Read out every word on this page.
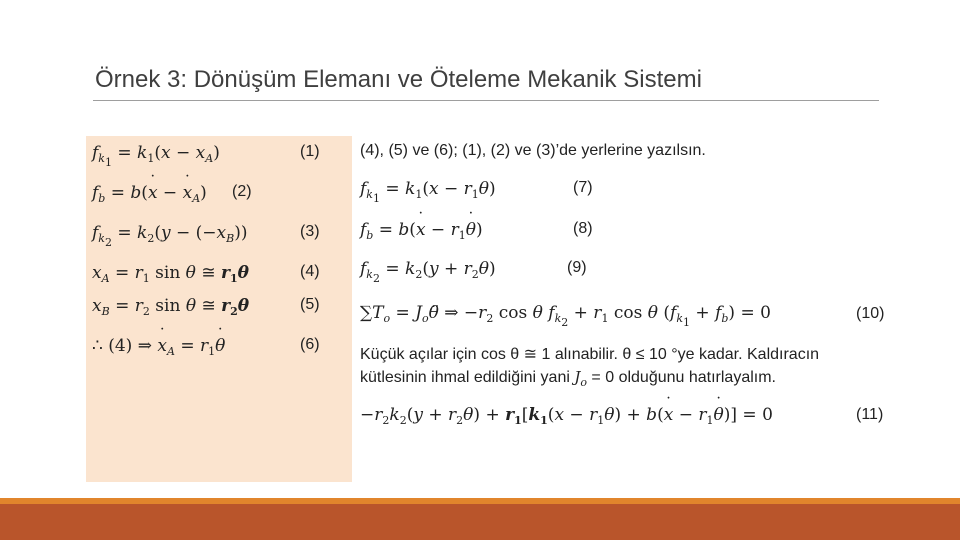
Örnek 3: Dönüşüm Elemanı ve Öteleme Mekanik Sistemi
$f_{k_1} = k_1(x - x_A)$	(1)
$f_b = b(x$ ˙ − x $˙_A$) (2)
$f_{k_2} = k_2(y - (-x_B))$	(3)
$x_A = r_1$ sin θ ≅ $r_1\theta$	(4)
$x_B = r_2$ sin θ ≅ $r_2\theta$	(5)
∴ (4) ⇒ x $˙_A = r_1\theta$ ˙	(6)
(4), (5) ve (6); (1), (2) ve (3)’de yerlerine yazılsın.
$f_{k_1} = k_1(x - r_1\theta)$	(7)
$f_b = b(x$ ˙ − $r_1\theta$ ˙)	(8)
$f_{k_2} = k_2(y + r_2\theta)$	(9)
$\sum T_o$ = $J_o\thetä$ ⇒ $-r_2$ cos θ $f_{k_2} + r_1$ cos θ $(f_{k_1} + f_b) = 0$	(10)
Küçük açılar için cos θ ≅ 1 alınabilir. θ ≤ 10 °ye kadar. Kaldıracın
kütlesinin ihmal edildiğini yani $J_o = 0$ olduğunu hatırlayalım.
$-r_2k_2(y + r_2\theta) + r_1[k_1(x - r_1\theta) + b(x$ ˙ − $r_1\theta$ ˙)] = 0	(11)
